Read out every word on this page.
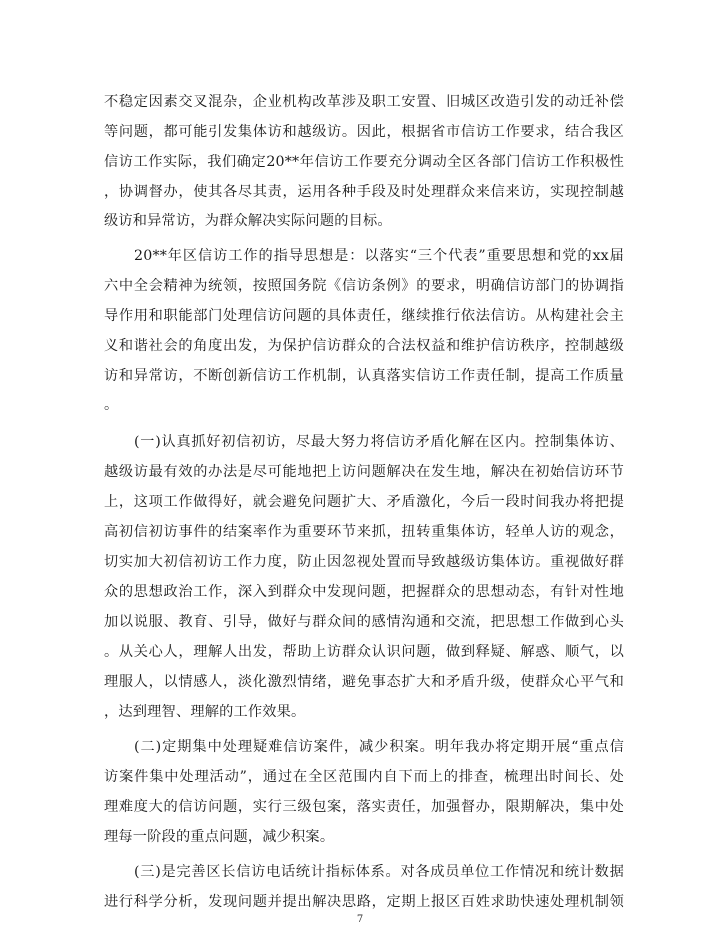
不稳定因素交叉混杂，企业机构改革涉及职工安置、旧城区改造引发的动迁补偿
等问题，都可能引发集体访和越级访。因此，根据省市信访工作要求，结合我区
信访工作实际，我们确定20**年信访工作要充分调动全区各部门信访工作积极性
，协调督办，使其各尽其责，运用各种手段及时处理群众来信来访，实现控制越
级访和异常访，为群众解决实际问题的目标。
20**年区信访工作的指导思想是：以落实“三个代表”重要思想和党的xx届
六中全会精神为统领，按照国务院《信访条例》的要求，明确信访部门的协调指
导作用和职能部门处理信访问题的具体责任，继续推行依法信访。从构建社会主
义和谐社会的角度出发，为保护信访群众的合法权益和维护信访秩序，控制越级
访和异常访，不断创新信访工作机制，认真落实信访工作责任制，提高工作质量
。
(一)认真抓好初信初访，尽最大努力将信访矛盾化解在区内。控制集体访、
越级访最有效的办法是尽可能地把上访问题解决在发生地，解决在初始信访环节
上，这项工作做得好，就会避免问题扩大、矛盾激化，今后一段时间我办将把提
高初信初访事件的结案率作为重要环节来抓，扭转重集体访，轻单人访的观念，
切实加大初信初访工作力度，防止因忽视处置而导致越级访集体访。重视做好群
众的思想政治工作，深入到群众中发现问题，把握群众的思想动态，有针对性地
加以说服、教育、引导，做好与群众间的感情沟通和交流，把思想工作做到心头
。从关心人，理解人出发，帮助上访群众认识问题，做到释疑、解惑、顺气，以
理服人，以情感人，淡化激烈情绪，避免事态扩大和矛盾升级，使群众心平气和
，达到理智、理解的工作效果。
(二)定期集中处理疑难信访案件，减少积案。明年我办将定期开展“重点信
访案件集中处理活动”，通过在全区范围内自下而上的排查，梳理出时间长、处
理难度大的信访问题，实行三级包案，落实责任，加强督办，限期解决，集中处
理每一阶段的重点问题，减少积案。
(三)是完善区长信访电话统计指标体系。对各成员单位工作情况和统计数据
进行科学分析，发现问题并提出解决思路，定期上报区百姓求助快速处理机制领
7
